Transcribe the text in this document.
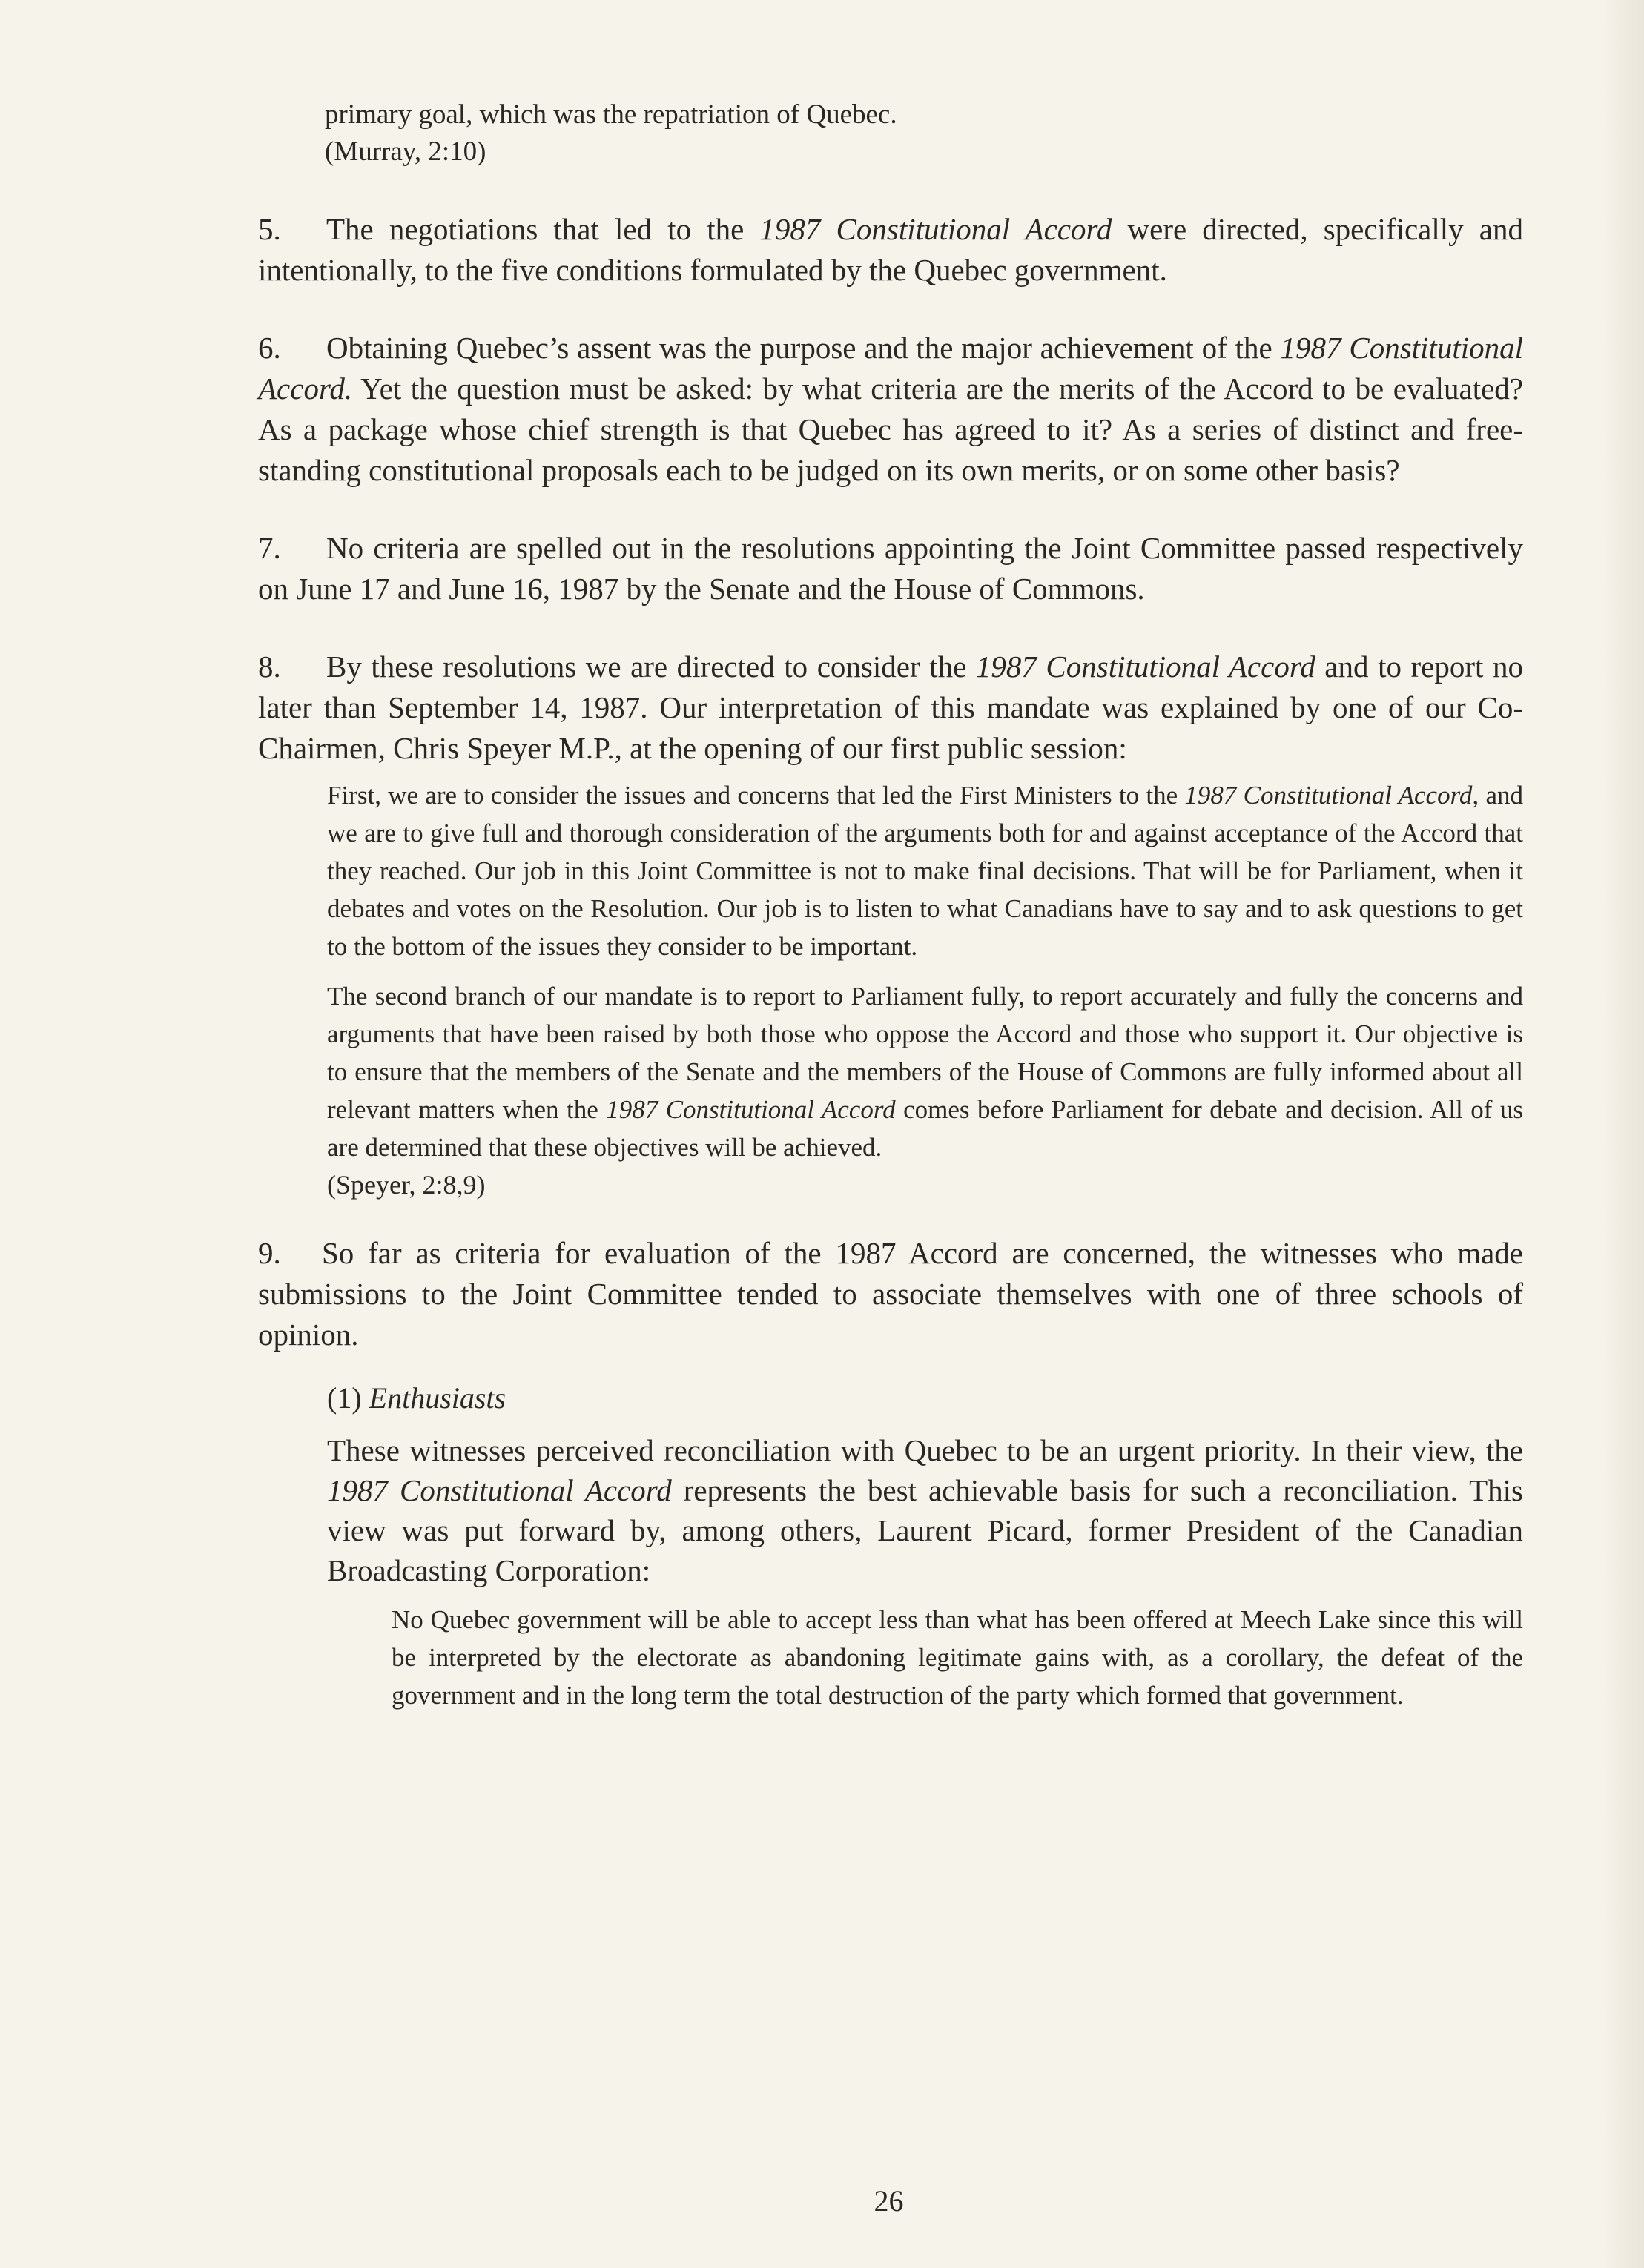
primary goal, which was the repatriation of Quebec.
(Murray, 2:10)
5. The negotiations that led to the 1987 Constitutional Accord were directed, specifically and intentionally, to the five conditions formulated by the Quebec government.
6. Obtaining Quebec’s assent was the purpose and the major achievement of the 1987 Constitutional Accord. Yet the question must be asked: by what criteria are the merits of the Accord to be evaluated? As a package whose chief strength is that Quebec has agreed to it? As a series of distinct and free-standing constitutional proposals each to be judged on its own merits, or on some other basis?
7. No criteria are spelled out in the resolutions appointing the Joint Committee passed respectively on June 17 and June 16, 1987 by the Senate and the House of Commons.
8. By these resolutions we are directed to consider the 1987 Constitutional Accord and to report no later than September 14, 1987. Our interpretation of this mandate was explained by one of our Co-Chairmen, Chris Speyer M.P., at the opening of our first public session:

First, we are to consider the issues and concerns that led the First Ministers to the 1987 Constitutional Accord, and we are to give full and thorough consideration of the arguments both for and against acceptance of the Accord that they reached. Our job in this Joint Committee is not to make final decisions. That will be for Parliament, when it debates and votes on the Resolution. Our job is to listen to what Canadians have to say and to ask questions to get to the bottom of the issues they consider to be important.

The second branch of our mandate is to report to Parliament fully, to report accurately and fully the concerns and arguments that have been raised by both those who oppose the Accord and those who support it. Our objective is to ensure that the members of the Senate and the members of the House of Commons are fully informed about all relevant matters when the 1987 Constitutional Accord comes before Parliament for debate and decision. All of us are determined that these objectives will be achieved.

(Speyer, 2:8,9)
9. So far as criteria for evaluation of the 1987 Accord are concerned, the witnesses who made submissions to the Joint Committee tended to associate themselves with one of three schools of opinion.
(1) Enthusiasts
These witnesses perceived reconciliation with Quebec to be an urgent priority. In their view, the 1987 Constitutional Accord represents the best achievable basis for such a reconciliation. This view was put forward by, among others, Laurent Picard, former President of the Canadian Broadcasting Corporation:
No Quebec government will be able to accept less than what has been offered at Meech Lake since this will be interpreted by the electorate as abandoning legitimate gains with, as a corollary, the defeat of the government and in the long term the total destruction of the party which formed that government.
26
